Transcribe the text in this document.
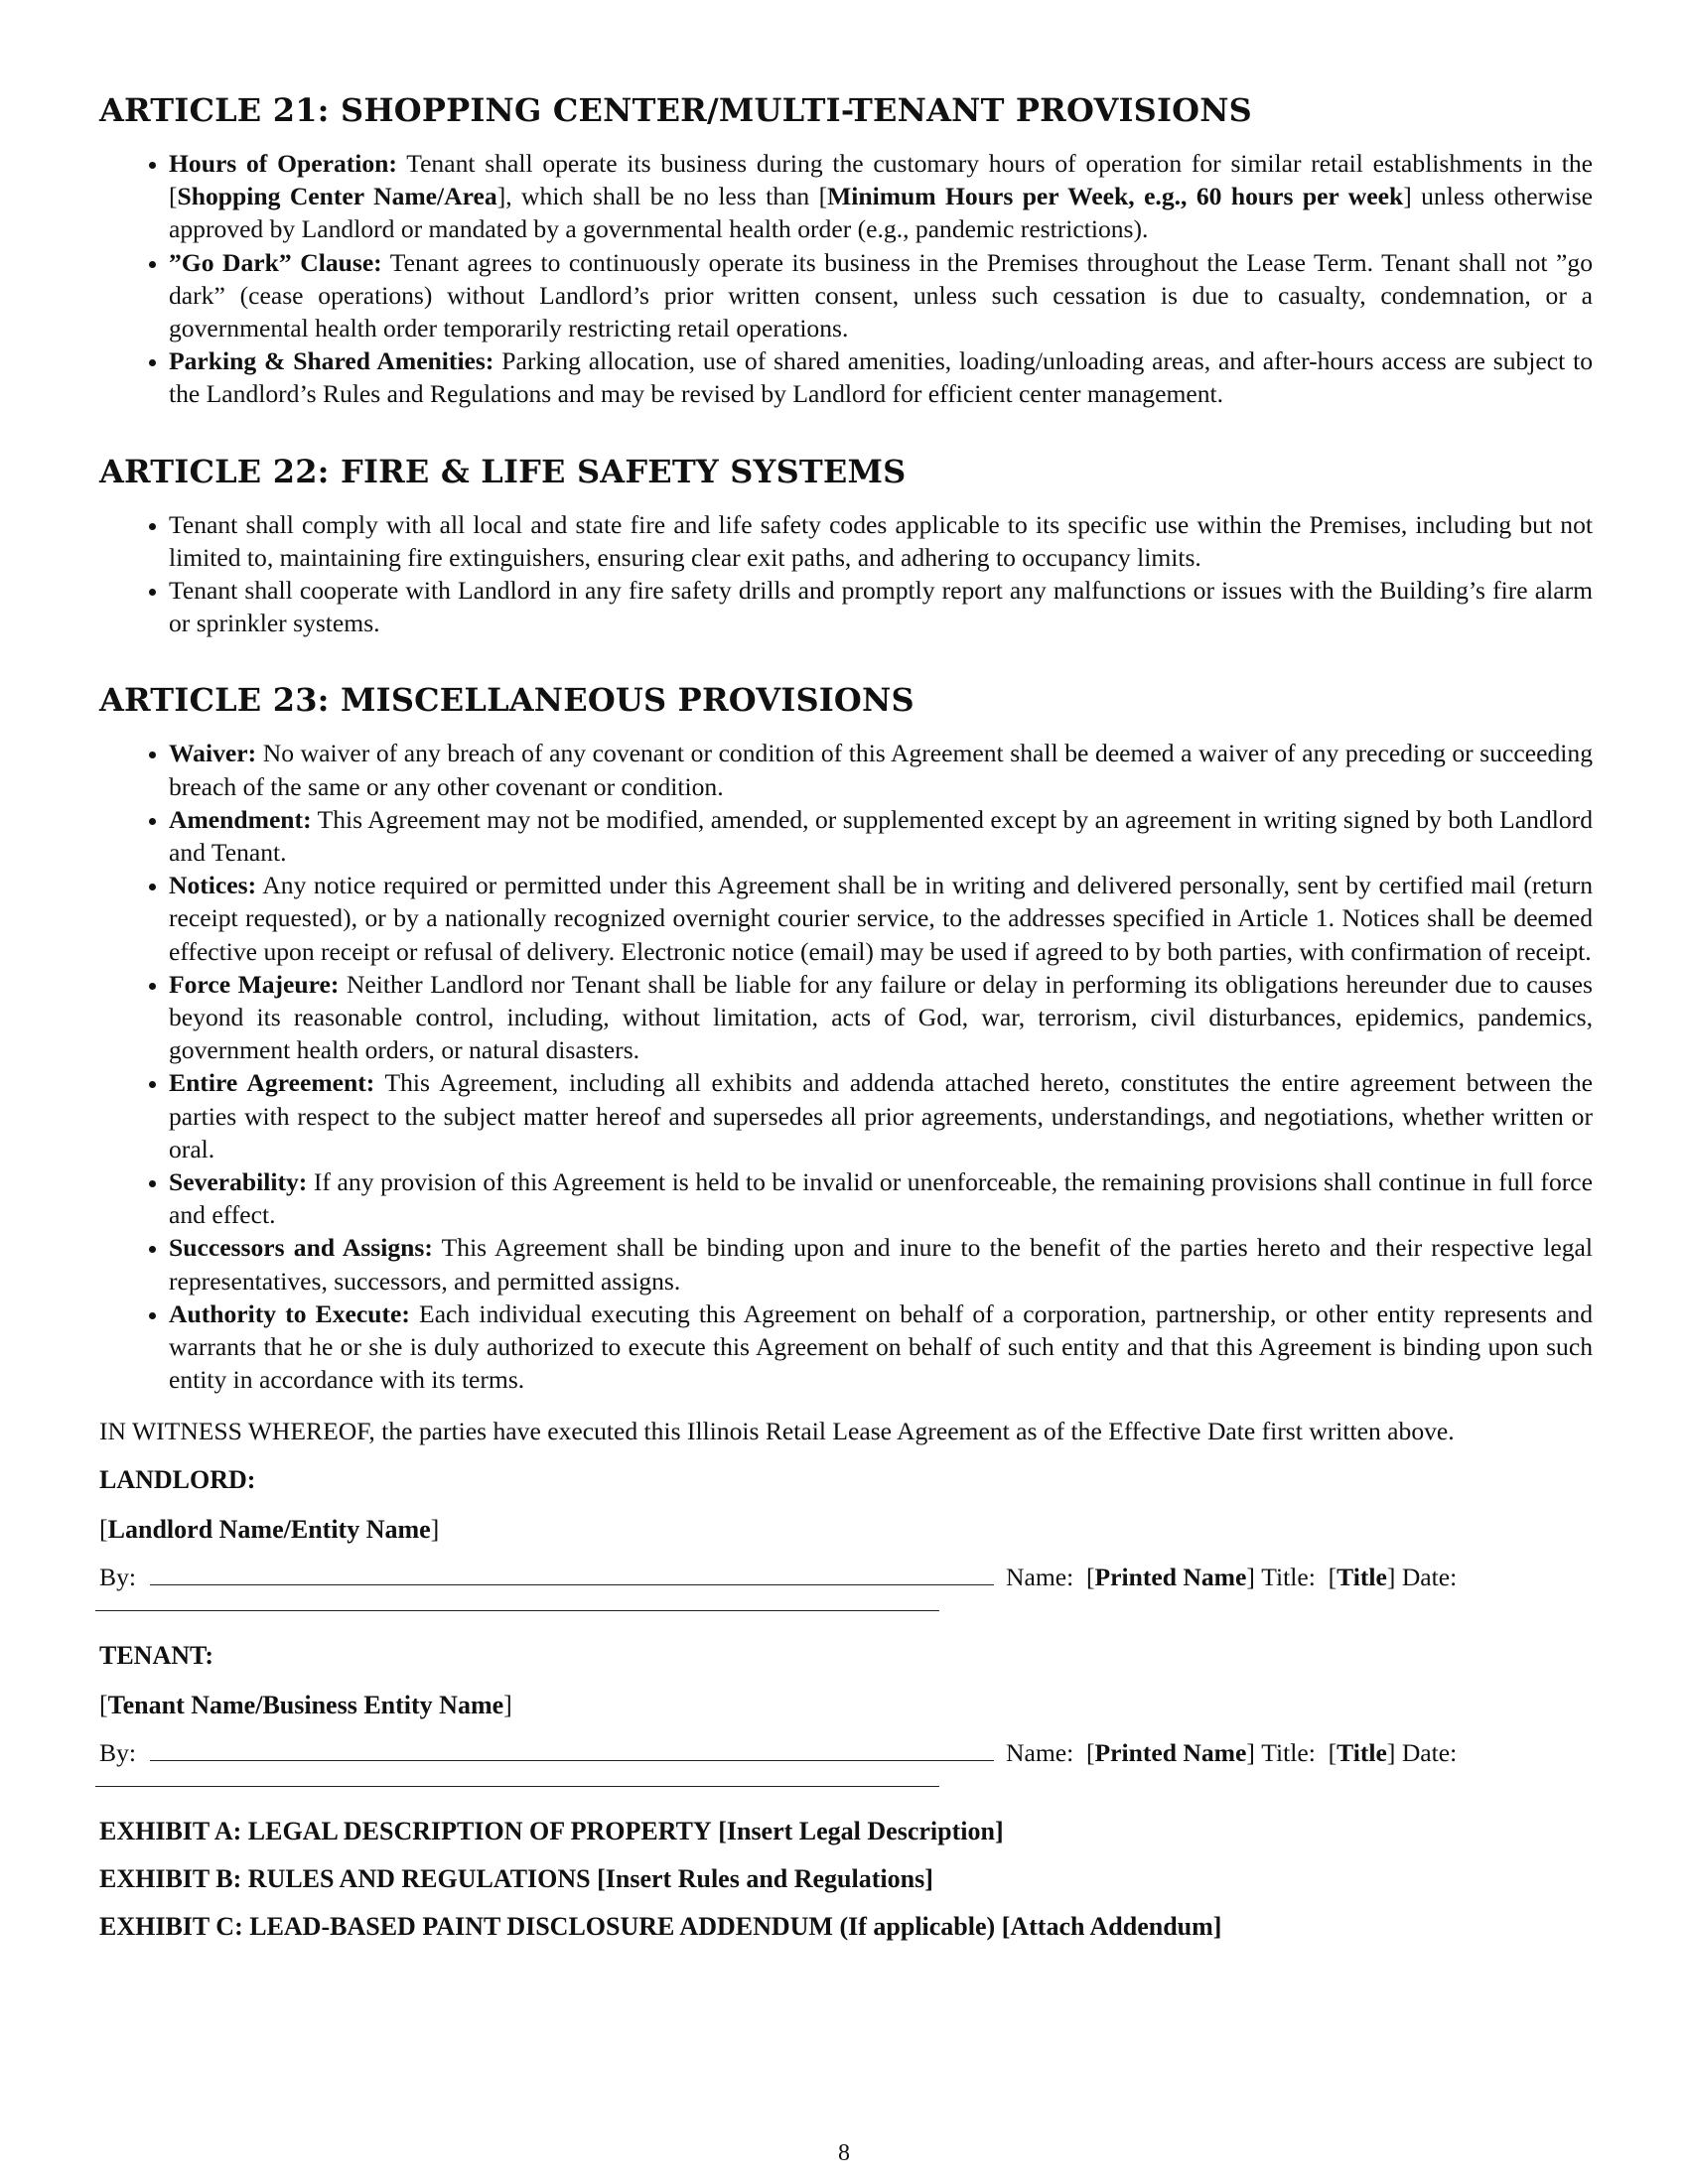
ARTICLE 21: SHOPPING CENTER/MULTI-TENANT PROVISIONS
• Hours of Operation: Tenant shall operate its business during the customary hours of operation for similar retail establishments in the [Shopping Center Name/Area], which shall be no less than [Minimum Hours per Week, e.g., 60 hours per week] unless otherwise approved by Landlord or mandated by a governmental health order (e.g., pandemic restrictions).
• ”Go Dark” Clause: Tenant agrees to continuously operate its business in the Premises throughout the Lease Term. Tenant shall not ”go dark” (cease operations) without Landlord’s prior written consent, unless such cessation is due to casualty, condemnation, or a governmental health order temporarily restricting retail operations.
• Parking & Shared Amenities: Parking allocation, use of shared amenities, loading/unloading areas, and after-hours access are subject to the Landlord’s Rules and Regulations and may be revised by Landlord for efficient center management.
ARTICLE 22: FIRE & LIFE SAFETY SYSTEMS
• Tenant shall comply with all local and state fire and life safety codes applicable to its specific use within the Premises, including but not limited to, maintaining fire extinguishers, ensuring clear exit paths, and adhering to occupancy limits.
• Tenant shall cooperate with Landlord in any fire safety drills and promptly report any malfunctions or issues with the Building’s fire alarm or sprinkler systems.
ARTICLE 23: MISCELLANEOUS PROVISIONS
• Waiver: No waiver of any breach of any covenant or condition of this Agreement shall be deemed a waiver of any preceding or succeeding breach of the same or any other covenant or condition.
• Amendment: This Agreement may not be modified, amended, or supplemented except by an agreement in writing signed by both Landlord and Tenant.
• Notices: Any notice required or permitted under this Agreement shall be in writing and delivered personally, sent by certified mail (return receipt requested), or by a nationally recognized overnight courier service, to the addresses specified in Article 1. Notices shall be deemed effective upon receipt or refusal of delivery. Electronic notice (email) may be used if agreed to by both parties, with confirmation of receipt.
• Force Majeure: Neither Landlord nor Tenant shall be liable for any failure or delay in performing its obligations hereunder due to causes beyond its reasonable control, including, without limitation, acts of God, war, terrorism, civil disturbances, epidemics, pandemics, government health orders, or natural disasters.
• Entire Agreement: This Agreement, including all exhibits and addenda attached hereto, constitutes the entire agreement between the parties with respect to the subject matter hereof and supersedes all prior agreements, understandings, and negotiations, whether written or oral.
• Severability: If any provision of this Agreement is held to be invalid or unenforceable, the remaining provisions shall continue in full force and effect.
• Successors and Assigns: This Agreement shall be binding upon and inure to the benefit of the parties hereto and their respective legal representatives, successors, and permitted assigns.
• Authority to Execute: Each individual executing this Agreement on behalf of a corporation, partnership, or other entity represents and warrants that he or she is duly authorized to execute this Agreement on behalf of such entity and that this Agreement is binding upon such entity in accordance with its terms.

IN WITNESS WHEREOF, the parties have executed this Illinois Retail Lease Agreement as of the Effective Date first written above.

LANDLORD:
[Landlord Name/Entity Name]
By:	Name: [ Printed Name ] Title: [ Title ] Date:
TENANT:
[Tenant Name/Business Entity Name]
By:	Name: [ Printed Name ] Title: [ Title ] Date:
EXHIBIT A: LEGAL DESCRIPTION OF PROPERTY [Insert Legal Description]
EXHIBIT B: RULES AND REGULATIONS [Insert Rules and Regulations]
EXHIBIT C: LEAD-BASED PAINT DISCLOSURE ADDENDUM (If applicable) [Attach Addendum]
8
